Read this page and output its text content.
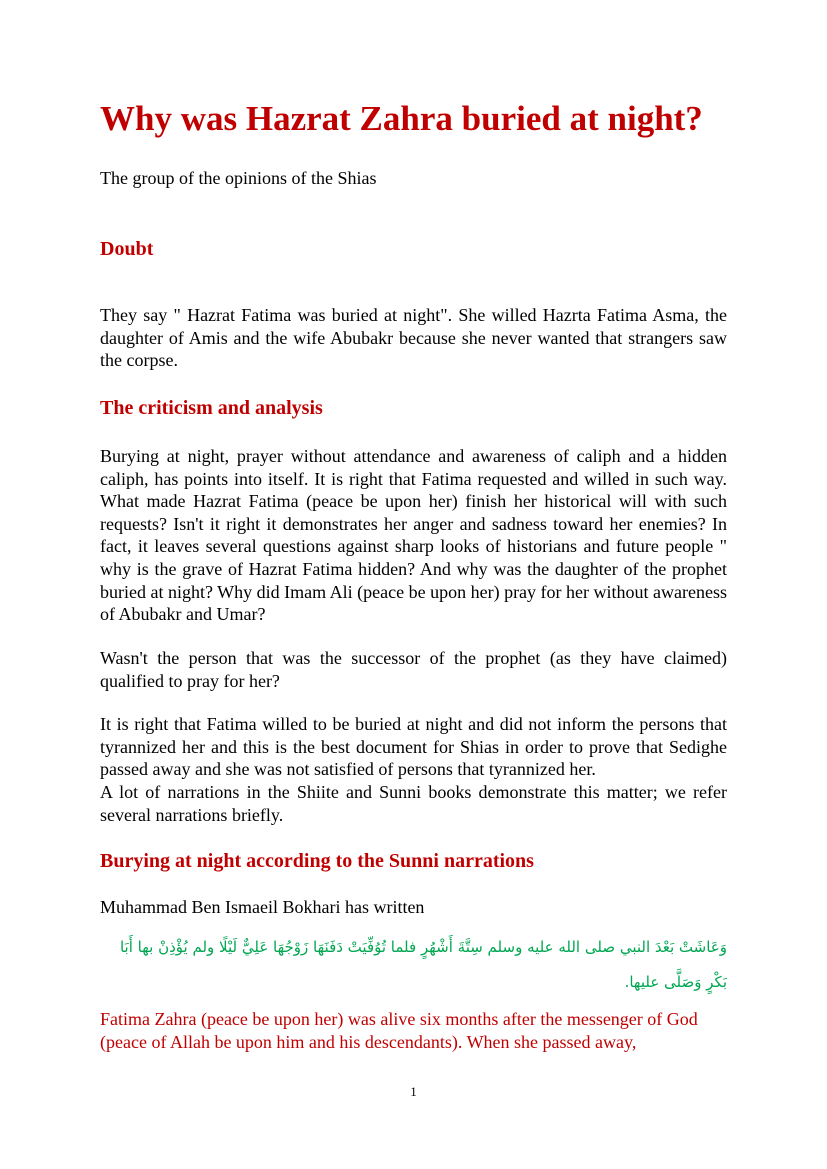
Why was Hazrat Zahra buried at night?

The group of the opinions of the Shias

Doubt

They say " Hazrat Fatima was buried at night". She willed Hazrta Fatima Asma, the daughter of Amis and the wife Abubakr because she never wanted that strangers saw the corpse.

The criticism and analysis

Burying at night, prayer without attendance and awareness of caliph and a hidden caliph, has points into itself. It is right that Fatima requested and willed in such way. What made Hazrat Fatima (peace be upon her) finish her historical will with such requests? Isn't it right it demonstrates her anger and sadness toward her enemies? In fact, it leaves several questions against sharp looks of historians and future people " why is the grave of Hazrat Fatima hidden? And why was the daughter of the prophet buried at night? Why did Imam Ali (peace be upon her) pray for her without awareness of Abubakr and Umar?

Wasn't the person that was the successor of the prophet (as they have claimed) qualified to pray for her?

It is right that Fatima willed to be buried at night and did not inform the persons that tyrannized her and this is the best document for Shias in order to prove that Sedighe passed away and she was not satisfied of persons that tyrannized her.

A lot of narrations in the Shiite and Sunni books demonstrate this matter; we refer several narrations briefly.

Burying at night according to the Sunni narrations

Muhammad Ben Ismaeil Bokhari has written

وَعَاشَتْ بَعْدَ النبي صلى الله عليه وسلم سِتَّةَ أَشْهُرٍ فلما تُوُفِّيَتْ دَفَنَهَا زَوْجُهَا عَلِيٌّ لَيْلًا ولم يُؤْذِنْ بها أَبَا بَكْرٍ وَصَلَّى عليها.

Fatima Zahra (peace be upon her) was alive six months after the messenger of God (peace of Allah be upon him and his descendants). When she passed away,

1
